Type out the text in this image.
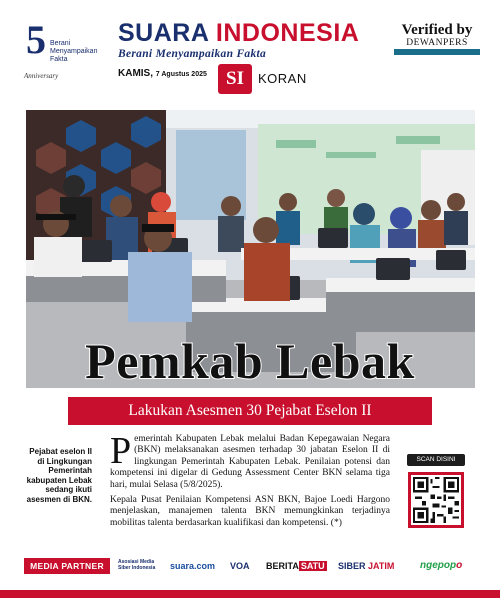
5 Berani Menyampaikan Fakta
Anniversary
SUARA INDONESIA
Berani Menyampaikan Fakta
Verified by
DEWANPERS
KAMIS, 7 Agustus 2025	SI	KORAN
Pemkab Lebak
Lakukan Asesmen 30 Pejabat Eselon II
Pejabat eselon II di Lingkungan Pemerintah kabupaten Lebak sedang ikuti asesmen di BKN.

P emerintah Kabupaten Lebak melalui Badan Kepegawaian Negara (BKN) melaksanakan asesmen terhadap 30 jabatan Eselon II di lingkungan Pemerintah Kabupaten Lebak. Penilaian potensi dan kompetensi ini digelar di Gedung Assessment Center BKN selama tiga hari, mulai Selasa (5/8/2025).

Kepala Pusat Penilaian Kompetensi ASN BKN, Bajoe Loedi Hargono menjelaskan, manajemen talenta BKN memungkinkan terjadinya mobilitas talenta berdasarkan kualifikasi dan kompetensi. (*)

SCAN DISINI
MEDIA PARTNER	Asosiasi Media Siber Indonesia	suara.com VOA BERITA SATU SIBER JATIM	ngepopo
